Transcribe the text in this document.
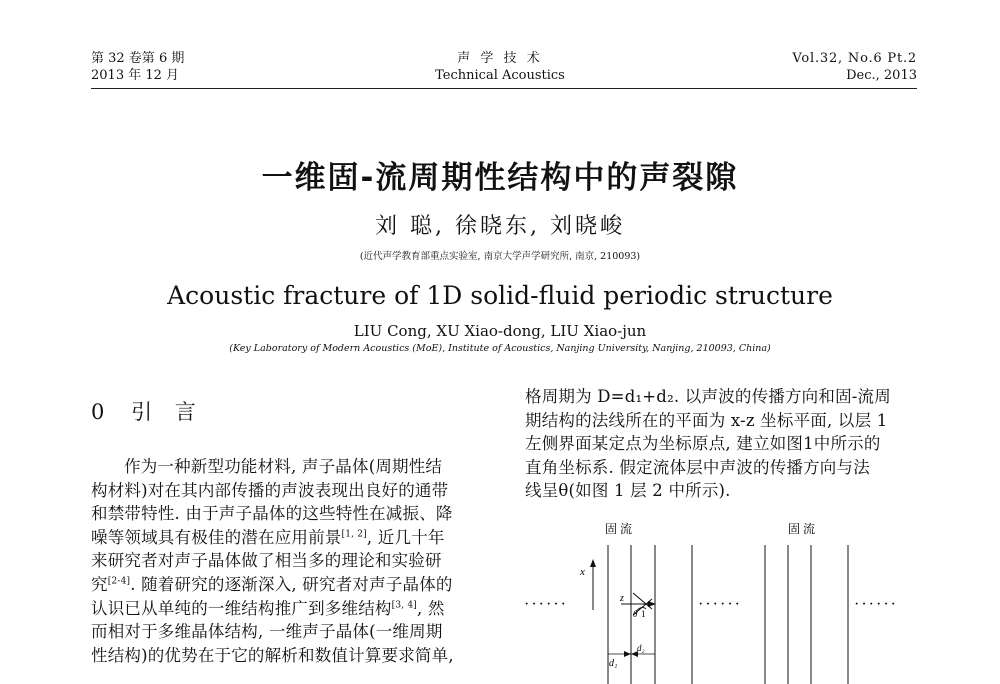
第 32 卷第 6 期
2013 年 12 月
声 学 技 术
Technical Acoustics
Vol.32, No.6 Pt.2
Dec., 2013
一维固-流周期性结构中的声裂隙
刘 聪, 徐晓东, 刘晓峻
(近代声学教育部重点实验室, 南京大学声学研究所, 南京, 210093)
Acoustic fracture of 1D solid-fluid periodic structure
LIU Cong, XU Xiao-dong, LIU Xiao-jun
(Key Laboratory of Modern Acoustics (MoE), Institute of Acoustics, Nanjing University, Nanjing, 210093, China)
0 引 言

作为一种新型功能材料, 声子晶体(周期性结

构材料)对在其内部传播的声波表现出良好的通带

和禁带特性. 由于声子晶体的这些特性在减振、降

噪等领域具有极佳的潜在应用前景[1, 2], 近几十年

来研究者对声子晶体做了相当多的理论和实验研

究[2-4]. 随着研究的逐渐深入, 研究者对声子晶体的

认识已从单纯的一维结构推广到多维结构[3, 4], 然

而相对于多维晶体结构, 一维声子晶体(一维周期

性结构)的优势在于它的解析和数值计算要求简单,

格周期为 D=d₁+d₂. 以声波的传播方向和固-流周

期结构的法线所在的平面为 x-z 坐标平面, 以层 1

左侧界面某定点为坐标原点, 建立如图1中所示的

直角坐标系. 假定流体层中声波的传播方向与法

线呈θ(如图 1 层 2 中所示).

固 流	固 流
······	······	······
x
z
θ 1
d₁
d₂
